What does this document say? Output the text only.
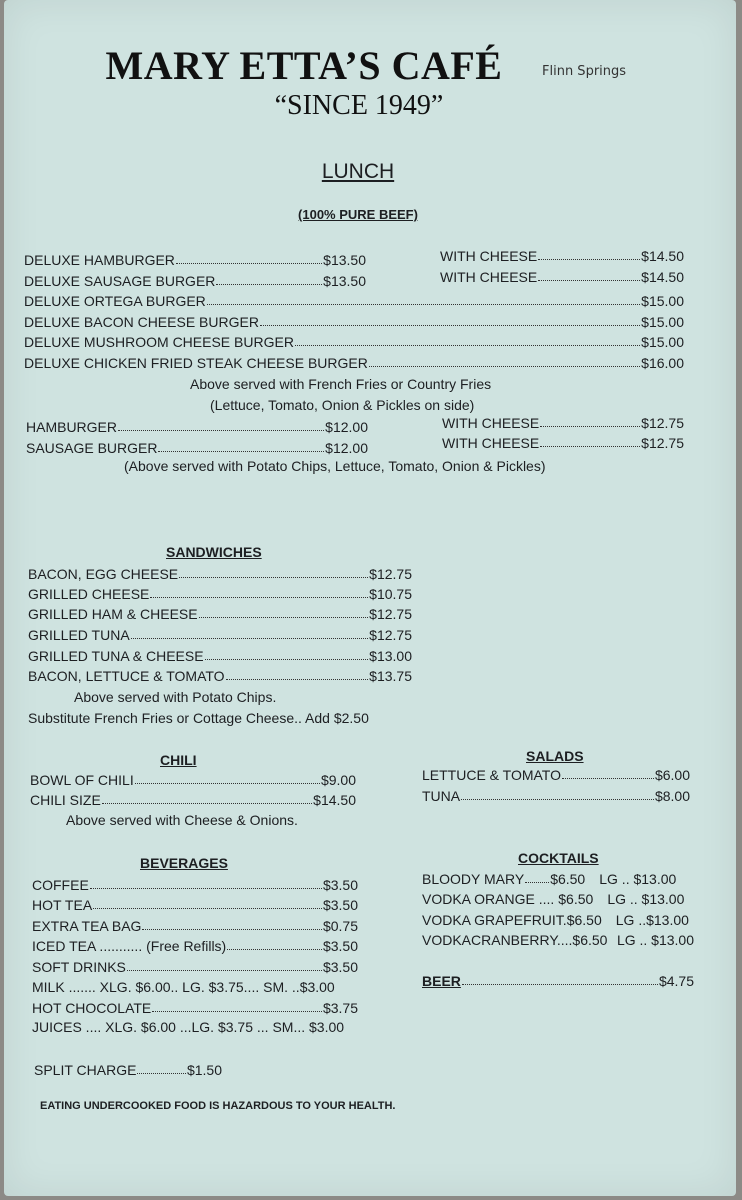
MARY ETTA’S CAFÉ	Flinn Springs
“SINCE 1949”
LUNCH
(100% PURE BEEF)
DELUXE HAMBURGER	$13.50	WITH CHEESE	$14.50
DELUXE SAUSAGE BURGER	$13.50	WITH CHEESE	$14.50
DELUXE ORTEGA BURGER	$15.00
DELUXE BACON CHEESE BURGER	$15.00
DELUXE MUSHROOM CHEESE BURGER	$15.00
DELUXE CHICKEN FRIED STEAK CHEESE BURGER	$16.00
Above served with French Fries or Country Fries
(Lettuce, Tomato, Onion & Pickles on side)
HAMBURGER	$12.00	WITH CHEESE	$12.75
SAUSAGE BURGER	$12.00	WITH CHEESE	$12.75
(Above served with Potato Chips, Lettuce, Tomato, Onion & Pickles)
SANDWICHES
BACON, EGG CHEESE	$12.75
GRILLED CHEESE	$10.75
GRILLED HAM & CHEESE	$12.75
GRILLED TUNA	$12.75
GRILLED TUNA & CHEESE	$13.00
BACON, LETTUCE & TOMATO	$13.75
Above served with Potato Chips.
Substitute French Fries or Cottage Cheese.. Add $2.50
CHILI
BOWL OF CHILI	$9.00
CHILI SIZE	$14.50
Above served with Cheese & Onions.
SALADS
LETTUCE & TOMATO	$6.00
TUNA	$8.00
BEVERAGES
COFFEE	$3.50
HOT TEA	$3.50
EXTRA TEA BAG	$0.75
ICED TEA ........... (Free Refills)	$3.50
SOFT DRINKS	$3.50
MILK ....... XLG. $6.00.. LG. $3.75.... SM. .. $3.00
HOT CHOCOLATE	$3.75
JUICES .... XLG. $6.00 ...LG. $3.75 ... SM... $3.00
SPLIT CHARGE	$1.50
COCKTAILS
BLOODY MARY $6.50 LG .. $13.00
VODKA ORANGE .... $6.50 LG .. $13.00
VODKA GRAPEFRUIT. $6.50 LG ..$13.00
VODKACRANBERRY.... $6.50 LG .. $13.00
BEER	$4.75
EATING UNDERCOOKED FOOD IS HAZARDOUS TO YOUR HEALTH.
